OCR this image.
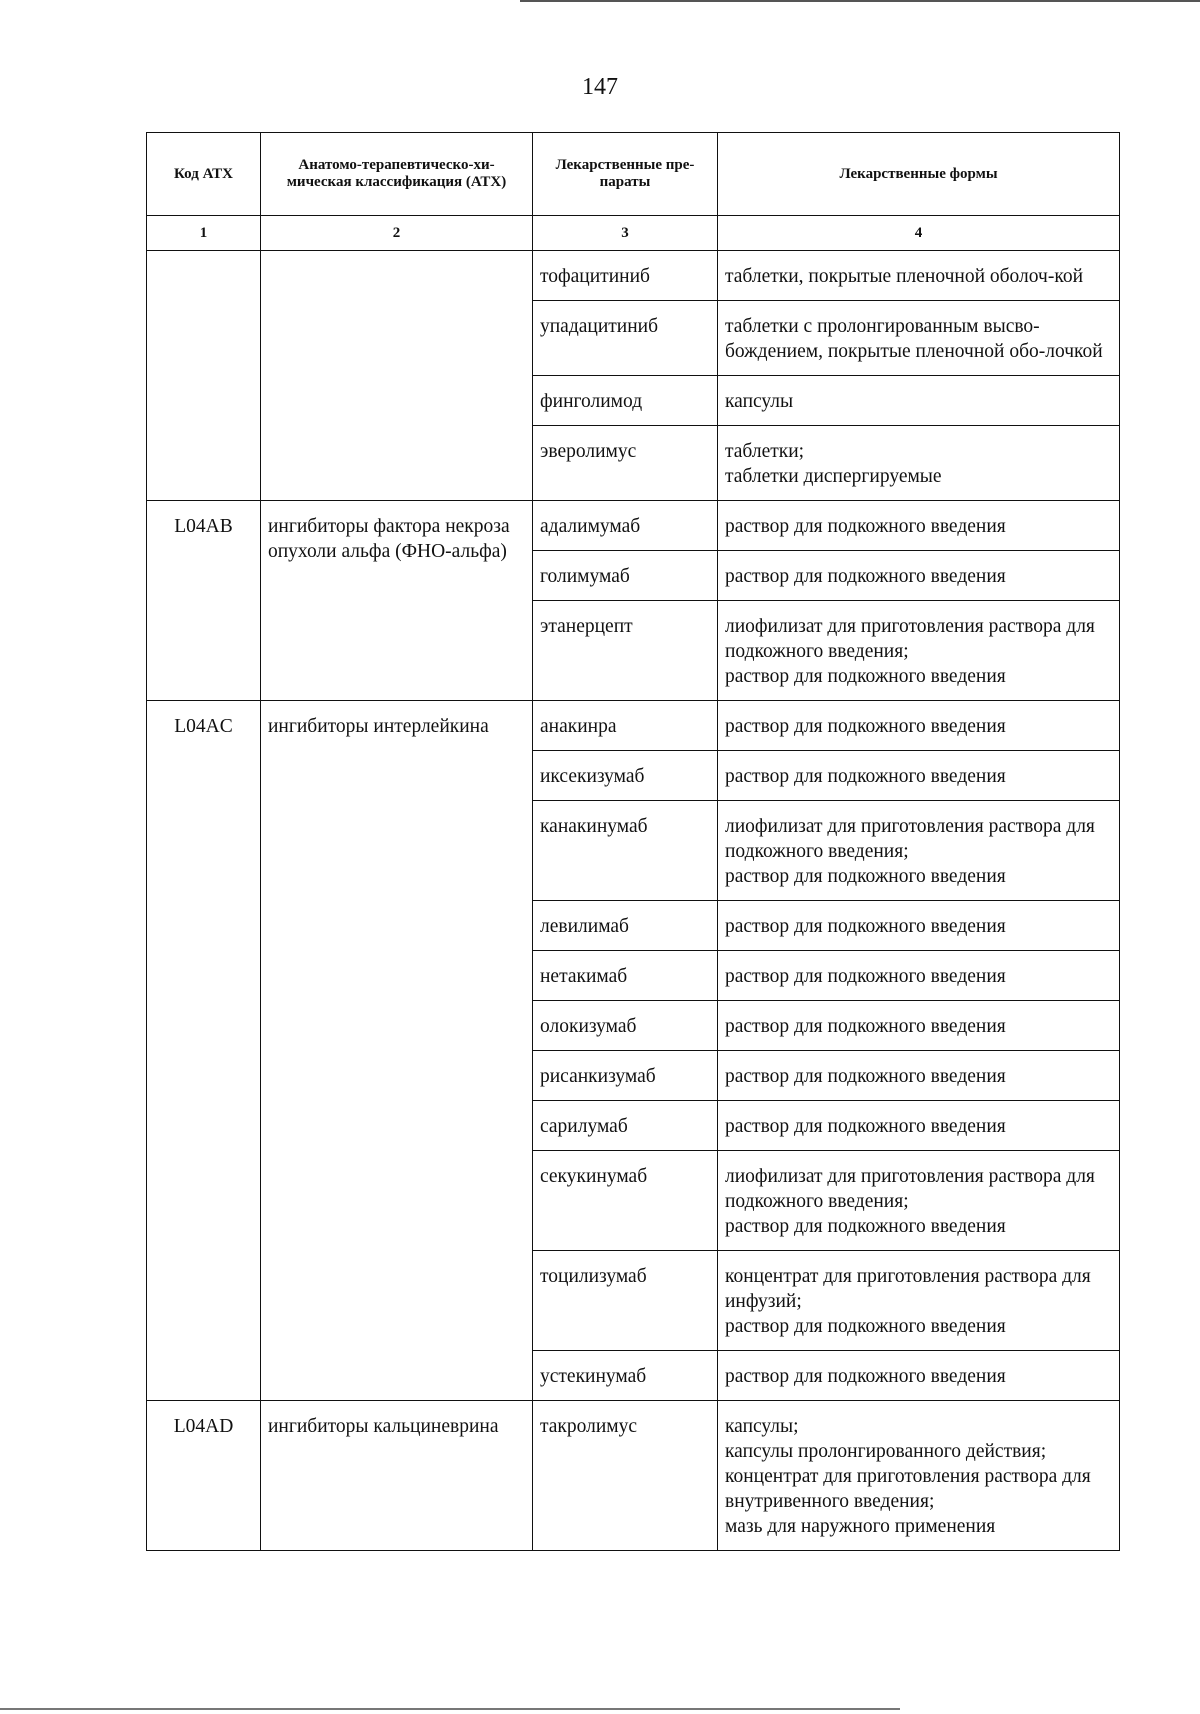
147
Код АТХ	Анатомо-терапевтическо-хи-мическая классификация (АТХ)	Лекарственные пре-параты	Лекарственные формы
1	2	3	4
		тофацитиниб	таблетки, покрытые пленочной оболоч-кой

		упадацитиниб	таблетки с пролонгированным высво-бождением, покрытые пленочной обо-лочкой

		финголимод	капсулы

		эверолимус	таблетки;
таблетки диспергируемые

L04AB	ингибиторы фактора некроза опухоли альфа (ФНО-альфа)	адалимумаб	раствор для подкожного введения

		голимумаб	раствор для подкожного введения

		этанерцепт	лиофилизат для приготовления раствора для подкожного введения;
раствор для подкожного введения

L04AC	ингибиторы интерлейкина	анакинра	раствор для подкожного введения

		иксекизумаб	раствор для подкожного введения

		канакинумаб	лиофилизат для приготовления раствора для подкожного введения;
раствор для подкожного введения

		левилимаб	раствор для подкожного введения

		нетакимаб	раствор для подкожного введения

		олокизумаб	раствор для подкожного введения

		рисанкизумаб	раствор для подкожного введения

		сарилумаб	раствор для подкожного введения

		секукинумаб	лиофилизат для приготовления раствора для подкожного введения;
раствор для подкожного введения

		тоцилизумаб	концентрат для приготовления раствора для инфузий;
раствор для подкожного введения

		устекинумаб	раствор для подкожного введения

L04AD	ингибиторы кальциневрина	такролимус	капсулы;
капсулы пролонгированного действия;
концентрат для приготовления раствора для внутривенного введения;
мазь для наружного применения
